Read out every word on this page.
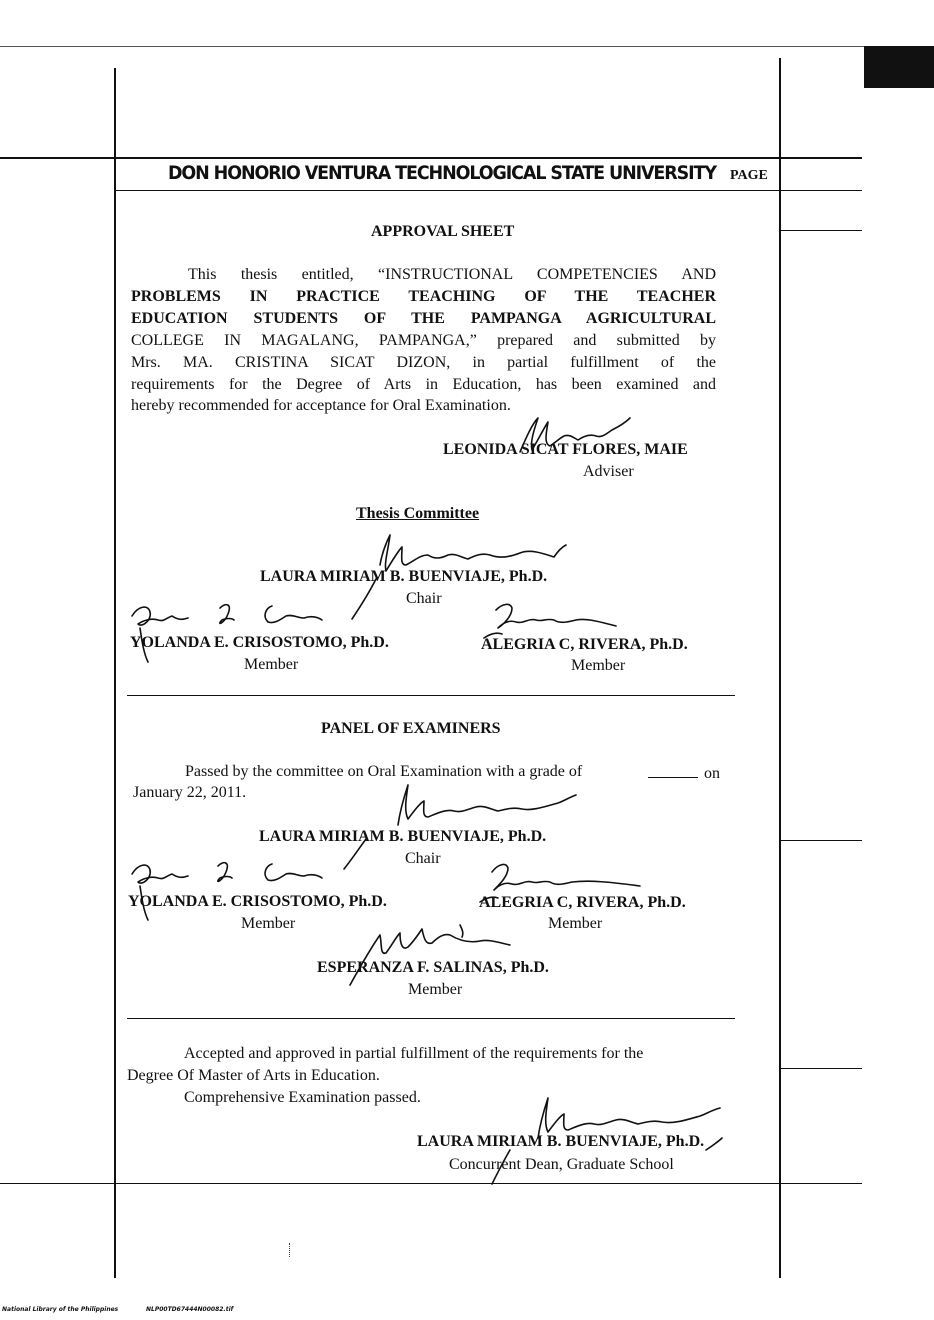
DON HONORIO VENTURA TECHNOLOGICAL STATE UNIVERSITY PAGE
APPROVAL SHEET
This thesis entitled, “INSTRUCTIONAL COMPETENCIES AND
PROBLEMS IN PRACTICE TEACHING OF THE TEACHER
EDUCATION STUDENTS OF THE PAMPANGA AGRICULTURAL
COLLEGE IN MAGALANG, PAMPANGA,” prepared and submitted by
Mrs. MA. CRISTINA SICAT DIZON, in partial fulfillment of the
requirements for the Degree of Arts in Education, has been examined and
hereby recommended for acceptance for Oral Examination.
LEONIDA SICAT FLORES, MAIE
Adviser
Thesis Committee
LAURA MIRIAM B. BUENVIAJE, Ph.D.
Chair
YOLANDA E. CRISOSTOMO, Ph.D.
Member
ALEGRIA C, RIVERA, Ph.D.
Member
PANEL OF EXAMINERS
Passed by the committee on Oral Examination with a grade of	on
January 22, 2011.
LAURA MIRIAM B. BUENVIAJE, Ph.D.
Chair
YOLANDA E. CRISOSTOMO, Ph.D.
Member
ALEGRIA C, RIVERA, Ph.D.
Member
ESPERANZA F. SALINAS, Ph.D.
Member
Accepted and approved in partial fulfillment of the requirements for the
Degree Of Master of Arts in Education.
Comprehensive Examination passed.
LAURA MIRIAM B. BUENVIAJE, Ph.D.
Concurrent Dean, Graduate School
National Library of the Philippines	NLP00TD67444N00082.tif
